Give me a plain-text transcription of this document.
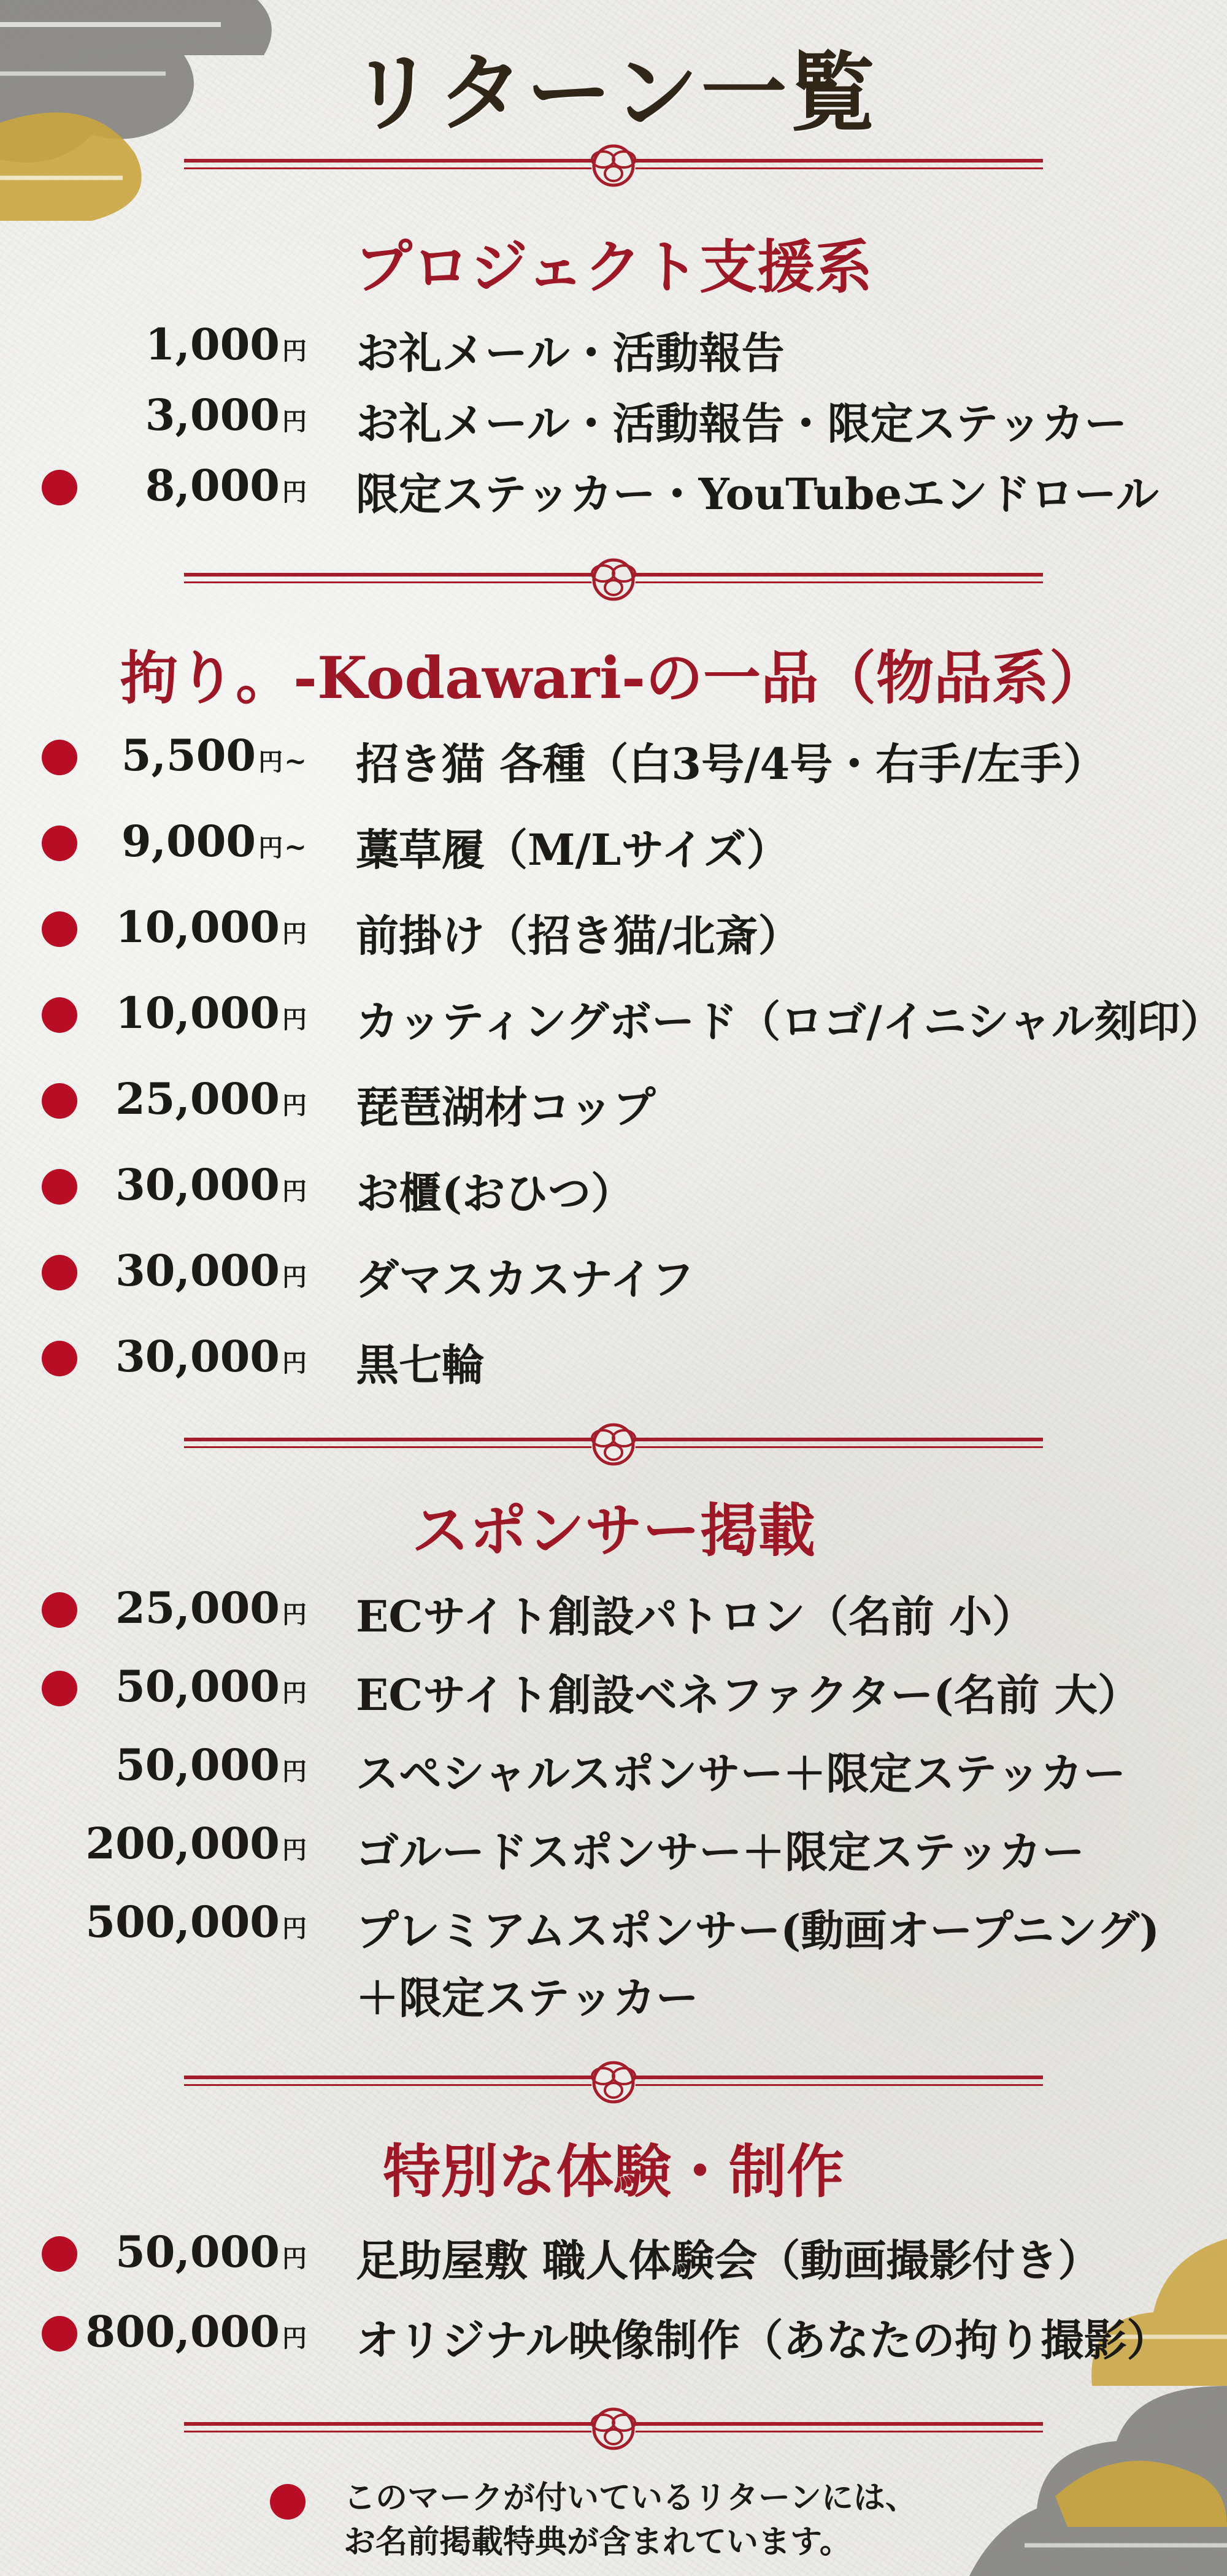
リターン一覧
プロジェクト支援系
拘り。-Kodawari-の一品（物品系）
スポンサー掲載
特別な体験・制作
1,000 円 お礼メール・活動報告
3,000 円 お礼メール・活動報告・限定ステッカー
8,000 円 限定ステッカー・YouTubeエンドロール
5,500 円~ 招き猫 各種（白3号/4号・右手/左手）
9,000 円~ 藁草履（M/Lサイズ）
10,000 円 前掛け（招き猫/北斎）
10,000 円 カッティングボード（ロゴ/イニシャル刻印）
25,000 円 琵琶湖材コップ
30,000 円 お櫃(おひつ）
30,000 円 ダマスカスナイフ
30,000 円 黒七輪
25,000 円 ECサイト創設パトロン（名前 小）
50,000 円 ECサイト創設ベネファクター(名前 大）
50,000 円 スペシャルスポンサー＋限定ステッカー
200,000 円 ゴルードスポンサー＋限定ステッカー
500,000 円 プレミアムスポンサー(動画オープニング)
＋限定ステッカー
50,000 円 足助屋敷 職人体験会（動画撮影付き）
800,000 円 オリジナル映像制作（あなたの拘り撮影）
このマークが付いているリターンには、
お名前掲載特典が含まれています。
